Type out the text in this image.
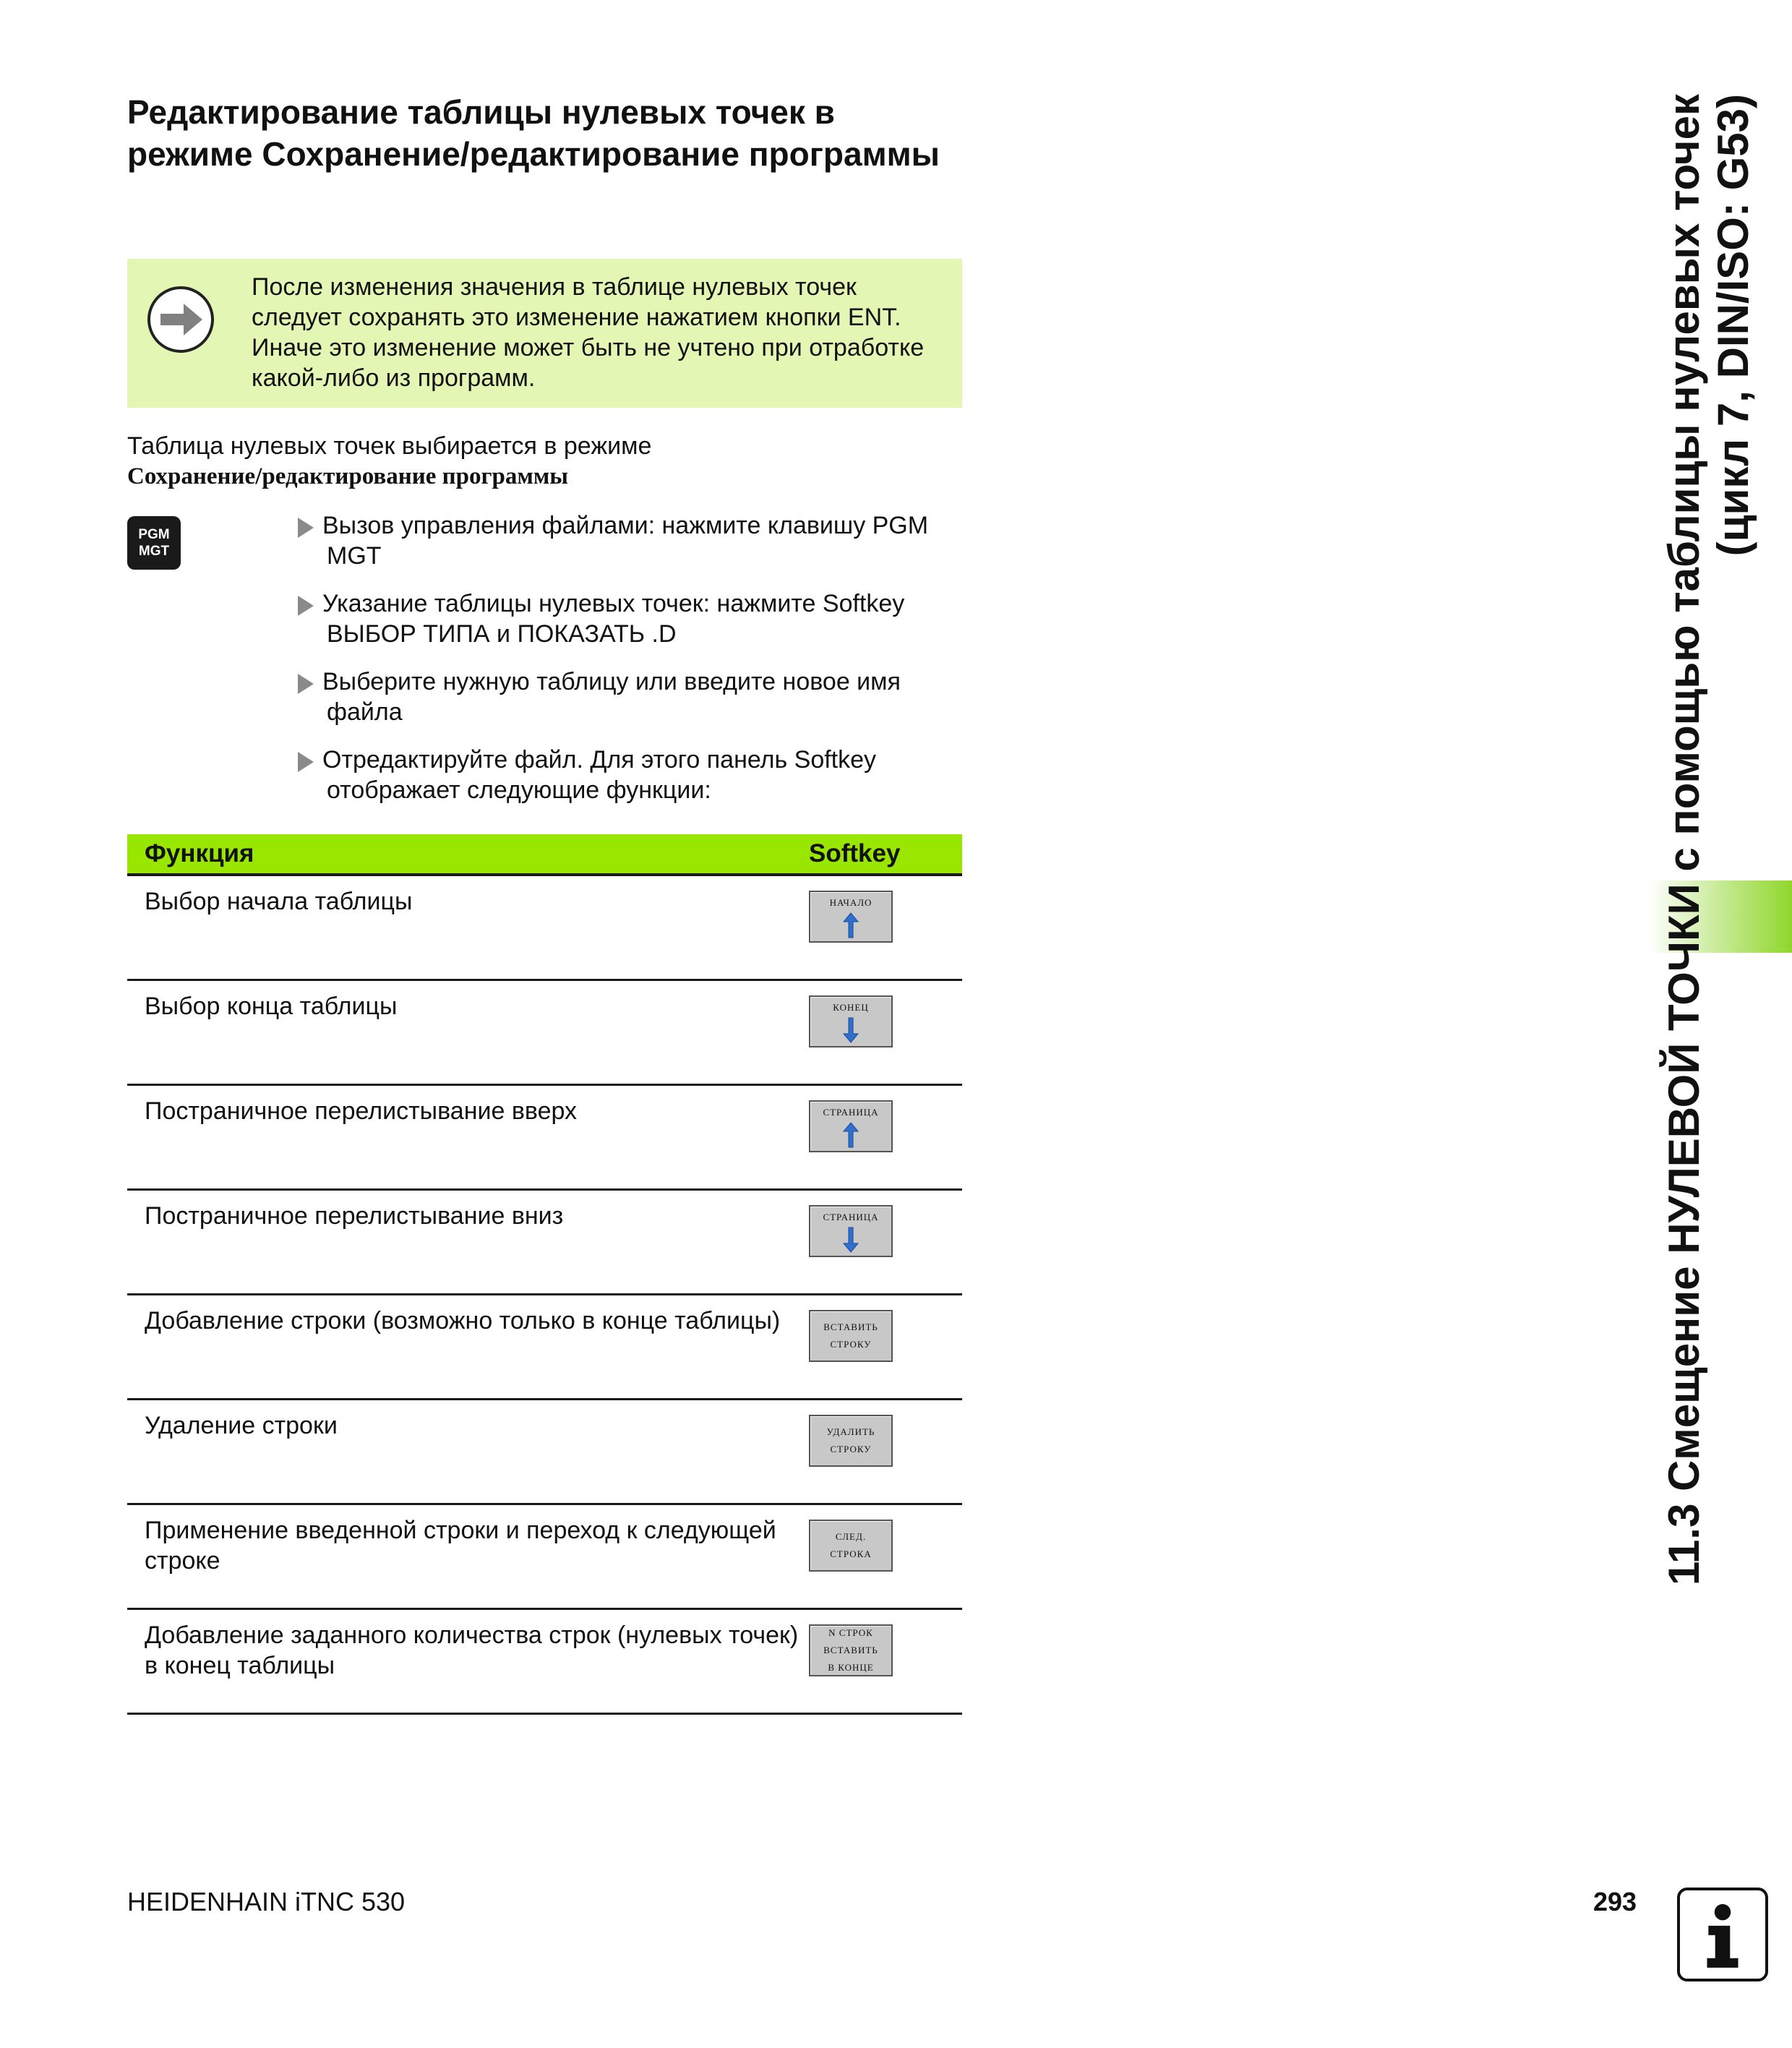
Редактирование таблицы нулевых точек в режиме Сохранение/редактирование программы
После изменения значения в таблице нулевых точек следует сохранять это изменение нажатием кнопки ENT. Иначе это изменение может быть не учтено при отработке какой-либо из программ.
Таблица нулевых точек выбирается в режиме
Сохранение/редактирование программы
PGM
MGT
Вызов управления файлами: нажмите клавишу PGM MGT
Указание таблицы нулевых точек: нажмите Softkey ВЫБОР ТИПА и ПОКАЗАТЬ .D
Выберите нужную таблицу или введите новое имя файла
Отредактируйте файл. Для этого панель Softkey отображает следующие функции:
Функция	Softkey
Выбор начала таблицы	НАЧАЛО

Выбор конца таблицы	КОНЕЦ

Постраничное перелистывание вверх	СТРАНИЦА

Постраничное перелистывание вниз	СТРАНИЦА

Добавление строки (возможно только в конце таблицы)	ВСТАВИТЬ
СТРОКУ

Удаление строки	УДАЛИТЬ
СТРОКУ

Применение введенной строки и переход к следующей строке	СЛЕД.
СТРОКА

Добавление заданного количества строк (нулевых точек) в конец таблицы	N СТРОК
ВСТАВИТЬ
В КОНЦЕ
11.3 Смещение НУЛЕВОЙ ТОЧКИ с помощью таблицы нулевых точек (цикл 7, DIN/ISO: G53)
HEIDENHAIN iTNC 530	293
